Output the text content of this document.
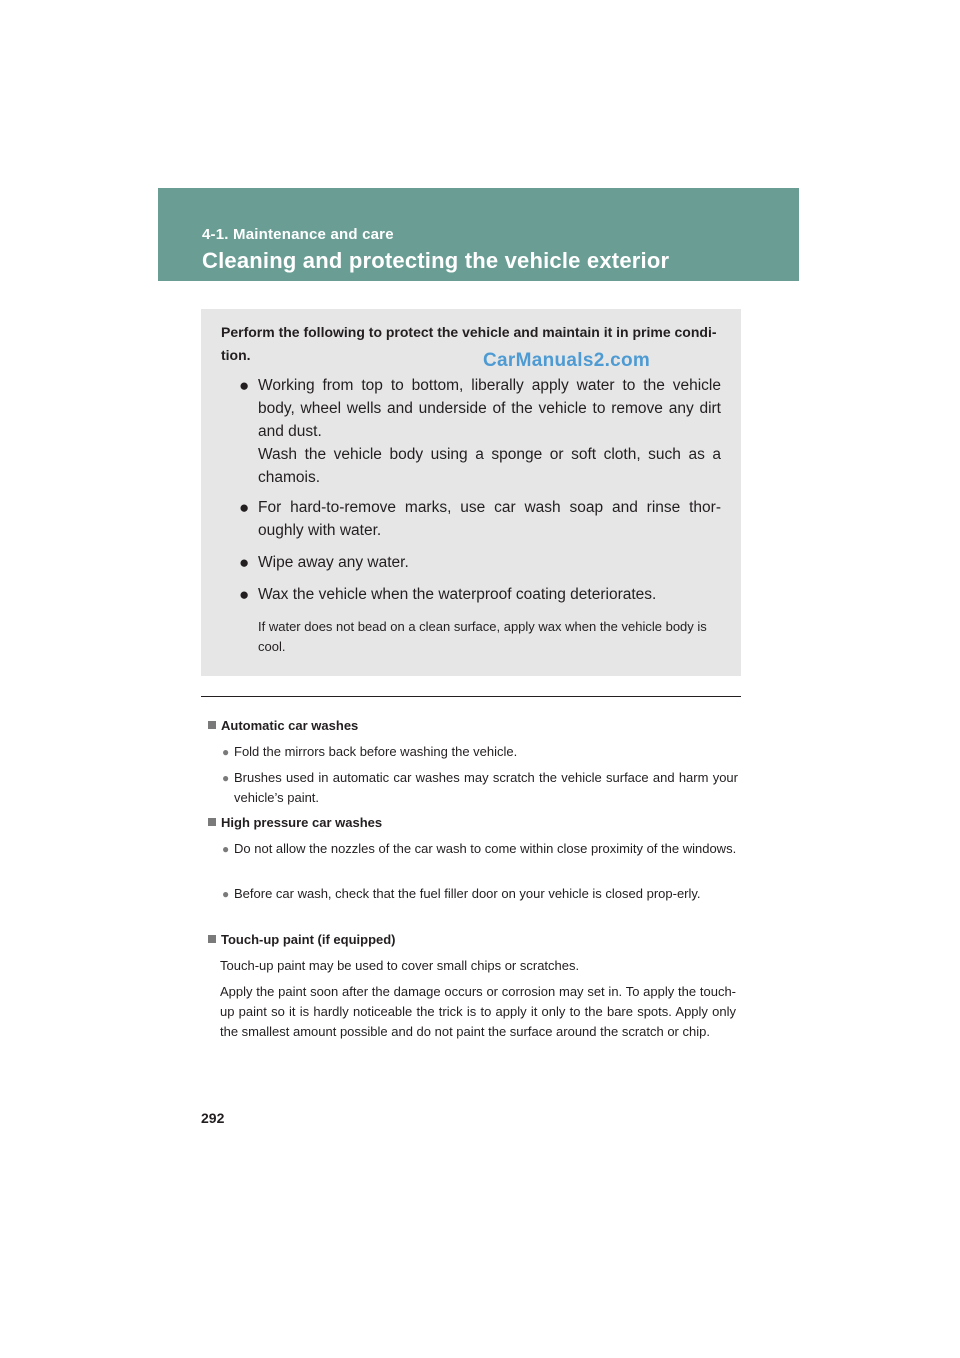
4-1. Maintenance and care
Cleaning and protecting the vehicle exterior
Perform the following to protect the vehicle and maintain it in prime condi-tion.	CarManuals2.com
● Working from top to bottom, liberally apply water to the vehicle body, wheel wells and underside of the vehicle to remove any dirt and dust.
Wash the vehicle body using a sponge or soft cloth, such as a chamois.
● For hard-to-remove marks, use car wash soap and rinse thor-oughly with water.
● Wipe away any water.
● Wax the vehicle when the waterproof coating deteriorates.
If water does not bead on a clean surface, apply wax when the vehicle body is cool.
Automatic car washes
● Fold the mirrors back before washing the vehicle.
● Brushes used in automatic car washes may scratch the vehicle surface and harm your vehicle’s paint.
High pressure car washes
● Do not allow the nozzles of the car wash to come within close proximity of the windows.
● Before car wash, check that the fuel filler door on your vehicle is closed prop-erly.
Touch-up paint (if equipped)
Touch-up paint may be used to cover small chips or scratches.
Apply the paint soon after the damage occurs or corrosion may set in. To apply the touch-up paint so it is hardly noticeable the trick is to apply it only to the bare spots. Apply only the smallest amount possible and do not paint the surface around the scratch or chip.
292
